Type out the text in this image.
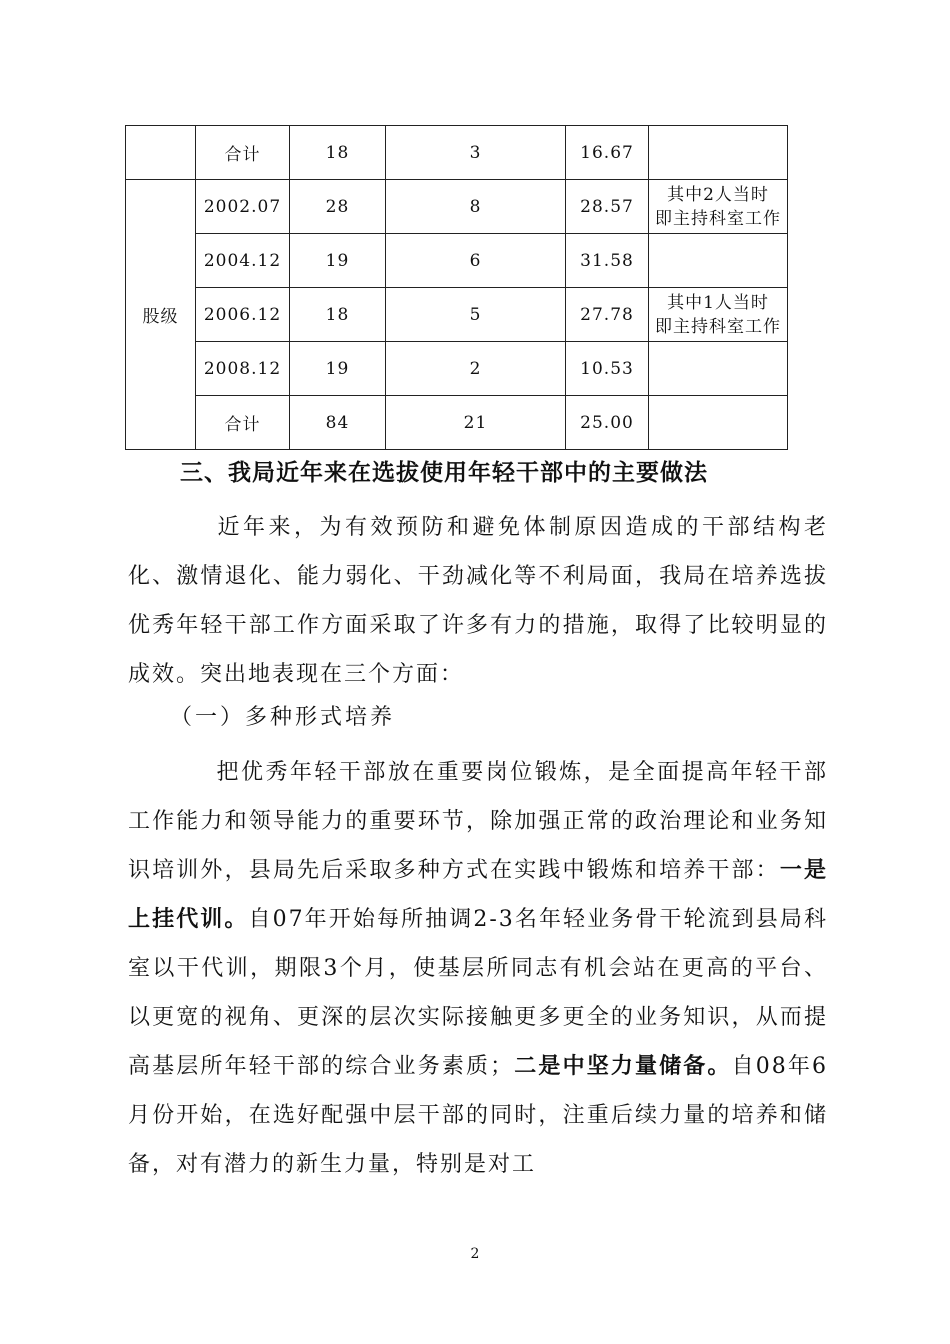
	合计	18	3	16.67	
股级	2002.07	28	8	28.57	其中2人当时
即主持科室工作
	2004.12	19	6	31.58	
	2006.12	18	5	27.78	其中1人当时
即主持科室工作
	2008.12	19	2	10.53	
	合计	84	21	25.00	
三、我局近年来在选拔使用年轻干部中的主要做法

近年来，为有效预防和避免体制原因造成的干部结构老化、激情退化、能力弱化、干劲减化等不利局面，我局在培养选拔优秀年轻干部工作方面采取了许多有力的措施，取得了比较明显的成效。突出地表现在三个方面：

（一）多种形式培养

把优秀年轻干部放在重要岗位锻炼，是全面提高年轻干部工作能力和领导能力的重要环节，除加强正常的政治理论和业务知识培训外，县局先后采取多种方式在实践中锻炼和培养干部：一是上挂代训。自07年开始每所抽调2-3名年轻业务骨干轮流到县局科室以干代训，期限3个月，使基层所同志有机会站在更高的平台、以更宽的视角、更深的层次实际接触更多更全的业务知识，从而提高基层所年轻干部的综合业务素质；二是中坚力量储备。自08年6月份开始，在选好配强中层干部的同时，注重后续力量的培养和储备，对有潜力的新生力量，特别是对工

2
